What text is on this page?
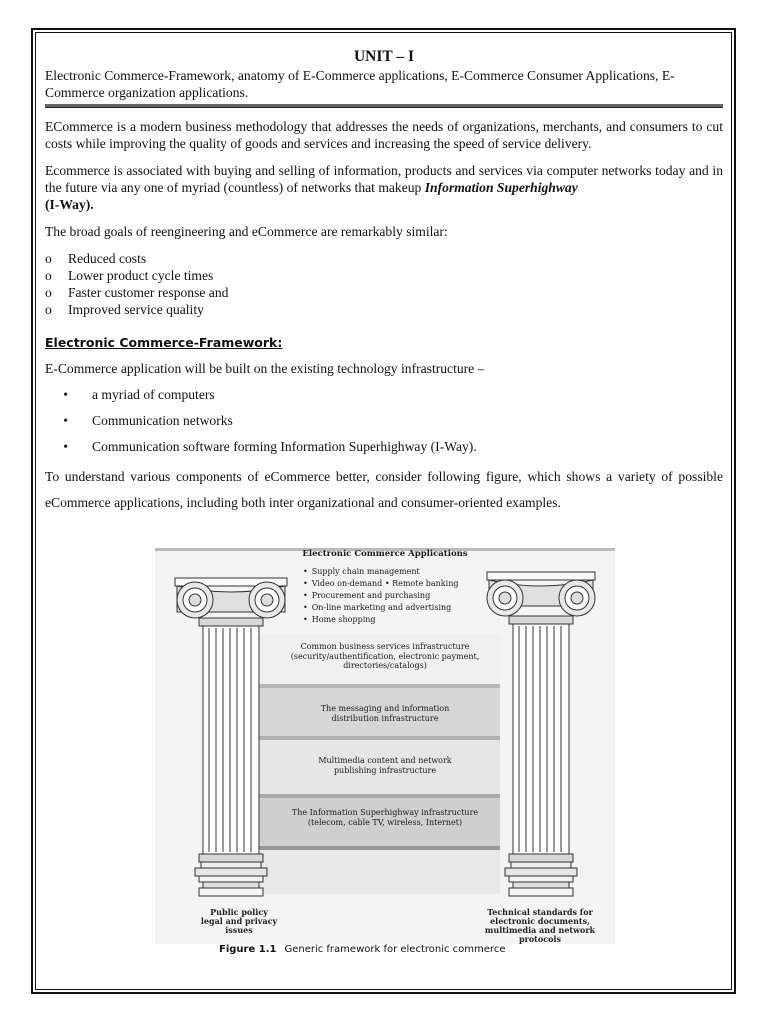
UNIT – I

Electronic Commerce-Framework, anatomy of E-Commerce applications, E-Commerce Consumer Applications, E-Commerce organization applications.

ECommerce is a modern business methodology that addresses the needs of organizations, merchants, and consumers to cut costs while improving the quality of goods and services and increasing the speed of service delivery.

Ecommerce is associated with buying and selling of information, products and services via computer networks today and in the future via any one of myriad (countless) of networks that makeup Information Superhighway
(I-Way).

The broad goals of reengineering and eCommerce are remarkably similar:

o	Reduced costs
o	Lower product cycle times
o	Faster customer response and
o	Improved service quality
Electronic Commerce-Framework:

E-Commerce application will be built on the existing technology infrastructure –

•	a myriad of computers
•	Communication networks
•	Communication software forming Information Superhighway (I-Way).

To understand various components of eCommerce better, consider following figure, which shows a variety of possible eCommerce applications, including both inter organizational and consumer-oriented examples.

Electronic Commerce Applications
• Supply chain management
• Video on-demand • Remote banking
• Procurement and purchasing
• On-line marketing and advertising
• Home shopping
Common business services infrastructure (security/authentification, electronic payment, directories/catalogs)
The messaging and information distribution infrastructure
Multimedia content and network publishing infrastructure
The Information Superhighway infrastructure (telecom, cable TV, wireless, Internet)
Public policy legal and privacy issues
Technical standards for electronic documents, multimedia and network protocols
Figure 1.1 Generic framework for electronic commerce
